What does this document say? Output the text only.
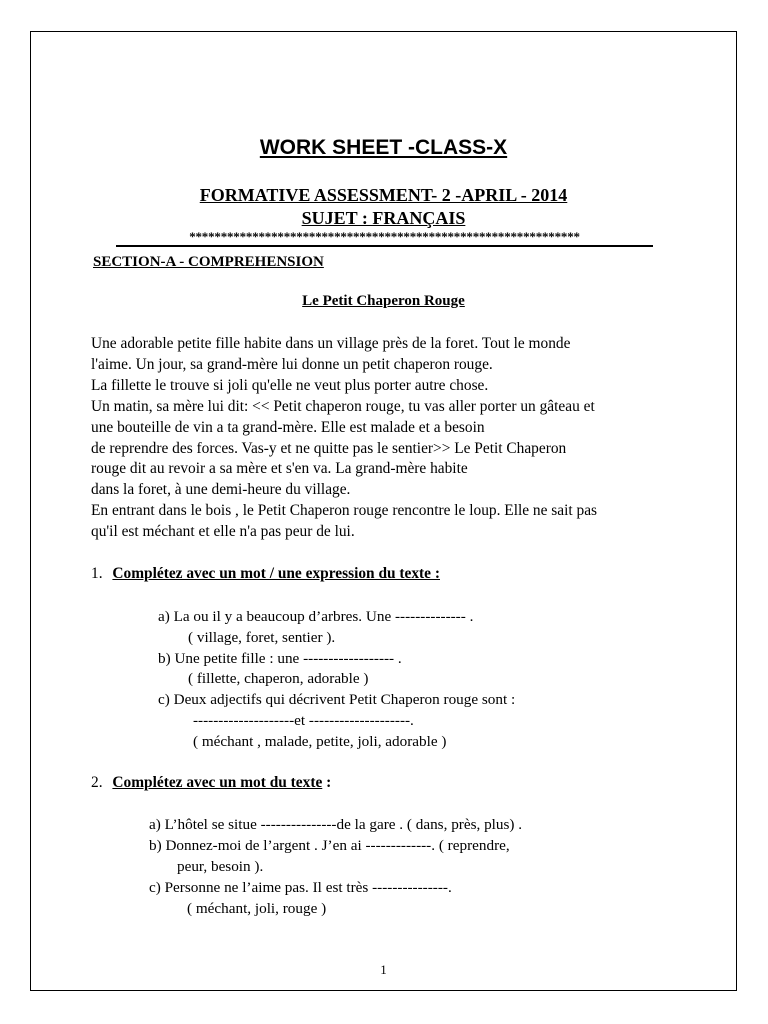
WORK SHEET -CLASS-X
FORMATIVE ASSESSMENT- 2 -APRIL - 2014
SUJET : FRANÇAIS
**************************************************************
SECTION-A - COMPREHENSION
Le Petit Chaperon Rouge
Une adorable petite fille habite dans un village près de la foret. Tout le monde
l'aime. Un jour, sa grand-mère lui donne un petit chaperon rouge.
La fillette le trouve si joli qu'elle ne veut plus porter autre chose.
Un matin, sa mère lui dit: << Petit chaperon rouge, tu vas aller porter un gâteau et
une bouteille de vin a ta grand-mère. Elle est malade et a besoin
de reprendre des forces. Vas-y et ne quitte pas le sentier>> Le Petit Chaperon
rouge dit au revoir a sa mère et s'en va. La grand-mère habite
dans la foret, à une demi-heure du village.
En entrant dans le bois , le Petit Chaperon rouge rencontre le loup. Elle ne sait pas
qu'il est méchant et elle n'a pas peur de lui.
1. Complétez avec un mot / une expression du texte :
a) La ou il y a beaucoup d’arbres. Une -------------- .
( village, foret, sentier ).
b) Une petite fille : une ------------------ .
( fillette, chaperon, adorable )
c) Deux adjectifs qui décrivent Petit Chaperon rouge sont :
--------------------et --------------------.
( méchant , malade, petite, joli, adorable )
2. Complétez avec un mot du texte :
a) L’hôtel se situe ---------------de la gare . ( dans, près, plus) .
b) Donnez-moi de l’argent . J’en ai -------------. ( reprendre,
peur, besoin ).
c) Personne ne l’aime pas. Il est très ---------------.
( méchant, joli, rouge )
1
